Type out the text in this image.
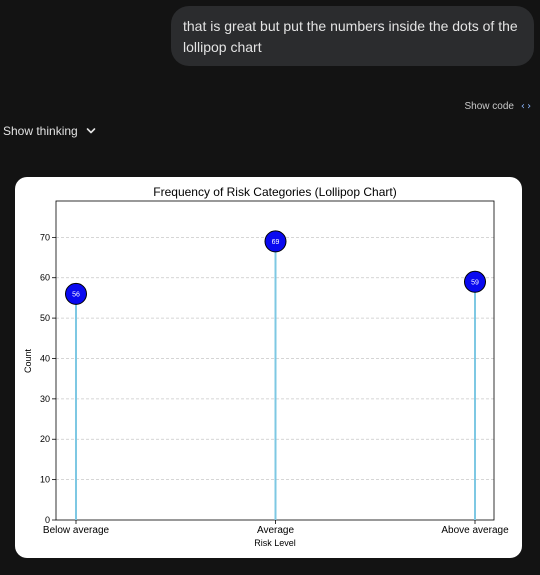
that is great but put the numbers inside the dots of the lollipop chart
Show code ‹›
Show thinking
Frequency of Risk Categories (Lollipop Chart)
0
10
20
30
40
50
60
70
Below average	Average	Above average
56
69
59
Risk Level
Count
